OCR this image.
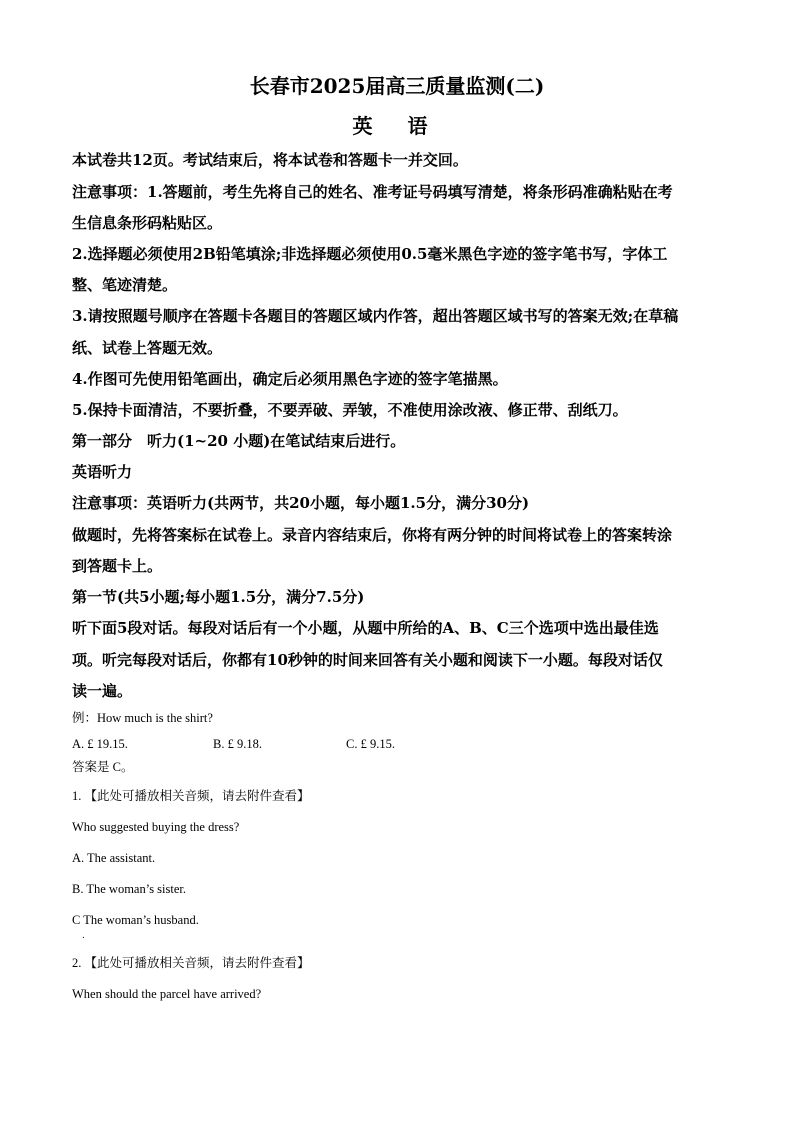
长春市2025届高三质量监测(二)
英 语
本试卷共12页。考试结束后，将本试卷和答题卡一并交回。
注意事项：1.答题前，考生先将自己的姓名、准考证号码填写清楚，将条形码准确粘贴在考
生信息条形码粘贴区。
2.选择题必须使用2B铅笔填涂;非选择题必须使用0.5毫米黑色字迹的签字笔书写，字体工
整、笔迹清楚。
3.请按照题号顺序在答题卡各题目的答题区域内作答，超出答题区域书写的答案无效;在草稿
纸、试卷上答题无效。
4.作图可先使用铅笔画出，确定后必须用黑色字迹的签字笔描黑。
5.保持卡面清洁，不要折叠，不要弄破、弄皱，不准使用涂改液、修正带、刮纸刀。
第一部分　听力(1~20 小题)在笔试结束后进行。
英语听力
注意事项：英语听力(共两节，共20小题，每小题1.5分，满分30分)
做题时，先将答案标在试卷上。录音内容结束后，你将有两分钟的时间将试卷上的答案转涂
到答题卡上。
第一节(共5小题;每小题1.5分，满分7.5分)
听下面5段对话。每段对话后有一个小题，从题中所给的A、B、C三个选项中选出最佳选
项。听完每段对话后，你都有10秒钟的时间来回答有关小题和阅读下一小题。每段对话仅
读一遍。
例：How much is the shirt?
A. £ 19.15.	B. £ 9.18.	C. £ 9.15.
答案是 C。
1. 【此处可播放相关音频，请去附件查看】
Who suggested buying the dress?
A. The assistant.
B. The woman’s sister.
C The woman’s husband.
.
2. 【此处可播放相关音频，请去附件查看】
When should the parcel have arrived?
